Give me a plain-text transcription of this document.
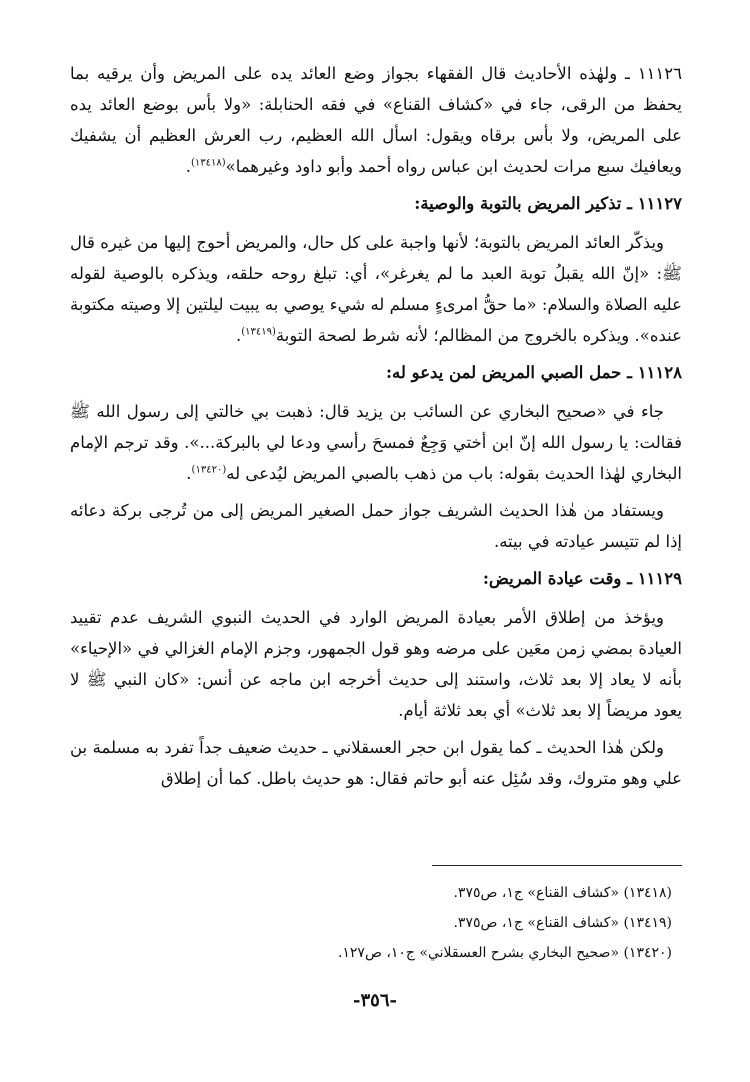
١١١٢٦ ـ ولهٰذه الأحاديث قال الفقهاء بجواز وضع العائد يده على المريض وأن يرقيه بما يحفظ من الرقى، جاء في «كشاف القناع» في فقه الحنابلة: «ولا بأس بوضع العائد يده على المريض، ولا بأس برقاه ويقول: اسأل الله العظيم، رب العرش العظيم أن يشفيك ويعافيك سبع مرات لحديث ابن عباس رواه أحمد وأبو داود وغيرهما»$^{(١٣٤١٨)}$.

١١١٢٧ ـ تذكير المريض بالتوبة والوصية:

ويذكّر العائد المريض بالتوبة؛ لأنها واجبة على كل حال، والمريض أحوج إليها من غيره قال ﷺ: «إنّ الله يقبلُ توبة العبد ما لم يغرغر»، أي: تبلغ روحه حلقه، ويذكره بالوصية لقوله عليه الصلاة والسلام: «ما حقُّ امرىءٍ مسلم له شيء يوصي به يبيت ليلتين إلا وصيته مكتوبة عنده». ويذكره بالخروج من المظالم؛ لأنه شرط لصحة التوبة$^{(١٣٤١٩)}$.

١١١٢٨ ـ حمل الصبي المريض لمن يدعو له:

جاء في «صحيح البخاري عن السائب بن يزيد قال: ذهبت بي خالتي إلى رسول الله ﷺ فقالت: يا رسول الله إنّ ابن أختي وَجِعٌ فمسحَ رأسي ودعا لي بالبركة...». وقد ترجم الإمام البخاري لهٰذا الحديث بقوله: باب من ذهب بالصبي المريض ليُدعى له$^{(١٣٤٢٠)}$.

ويستفاد من هٰذا الحديث الشريف جواز حمل الصغير المريض إلى من تُرجى بركة دعائه إذا لم تتيسر عيادته في بيته.

١١١٢٩ ـ وقت عيادة المريض:

ويؤخذ من إطلاق الأمر بعيادة المريض الوارد في الحديث النبوي الشريف عدم تقييد العيادة بمضي زمن معَين على مرضه وهو قول الجمهور، وجزم الإمام الغزالي في «الإحياء» بأنه لا يعاد إلا بعد ثلاث، واستند إلى حديث أخرجه ابن ماجه عن أنس: «كان النبي ﷺ لا يعود مريضاً إلا بعد ثلاث» أي بعد ثلاثة أيام.

ولكن هٰذا الحديث ـ كما يقول ابن حجر العسقلاني ـ حديث ضعيف جداً تفرد به مسلمة بن علي وهو متروك، وقد سُئِل عنه أبو حاتم فقال: هو حديث باطل. كما أن إطلاق

(١٣٤١٨) «كشاف القناع» ج١، ص٣٧٥.

(١٣٤١٩) «كشاف القناع» ج١، ص٣٧٥.

(١٣٤٢٠) «صحيح البخاري بشرح العسقلاني» ج١٠، ص١٢٧.

-٣٥٦-
